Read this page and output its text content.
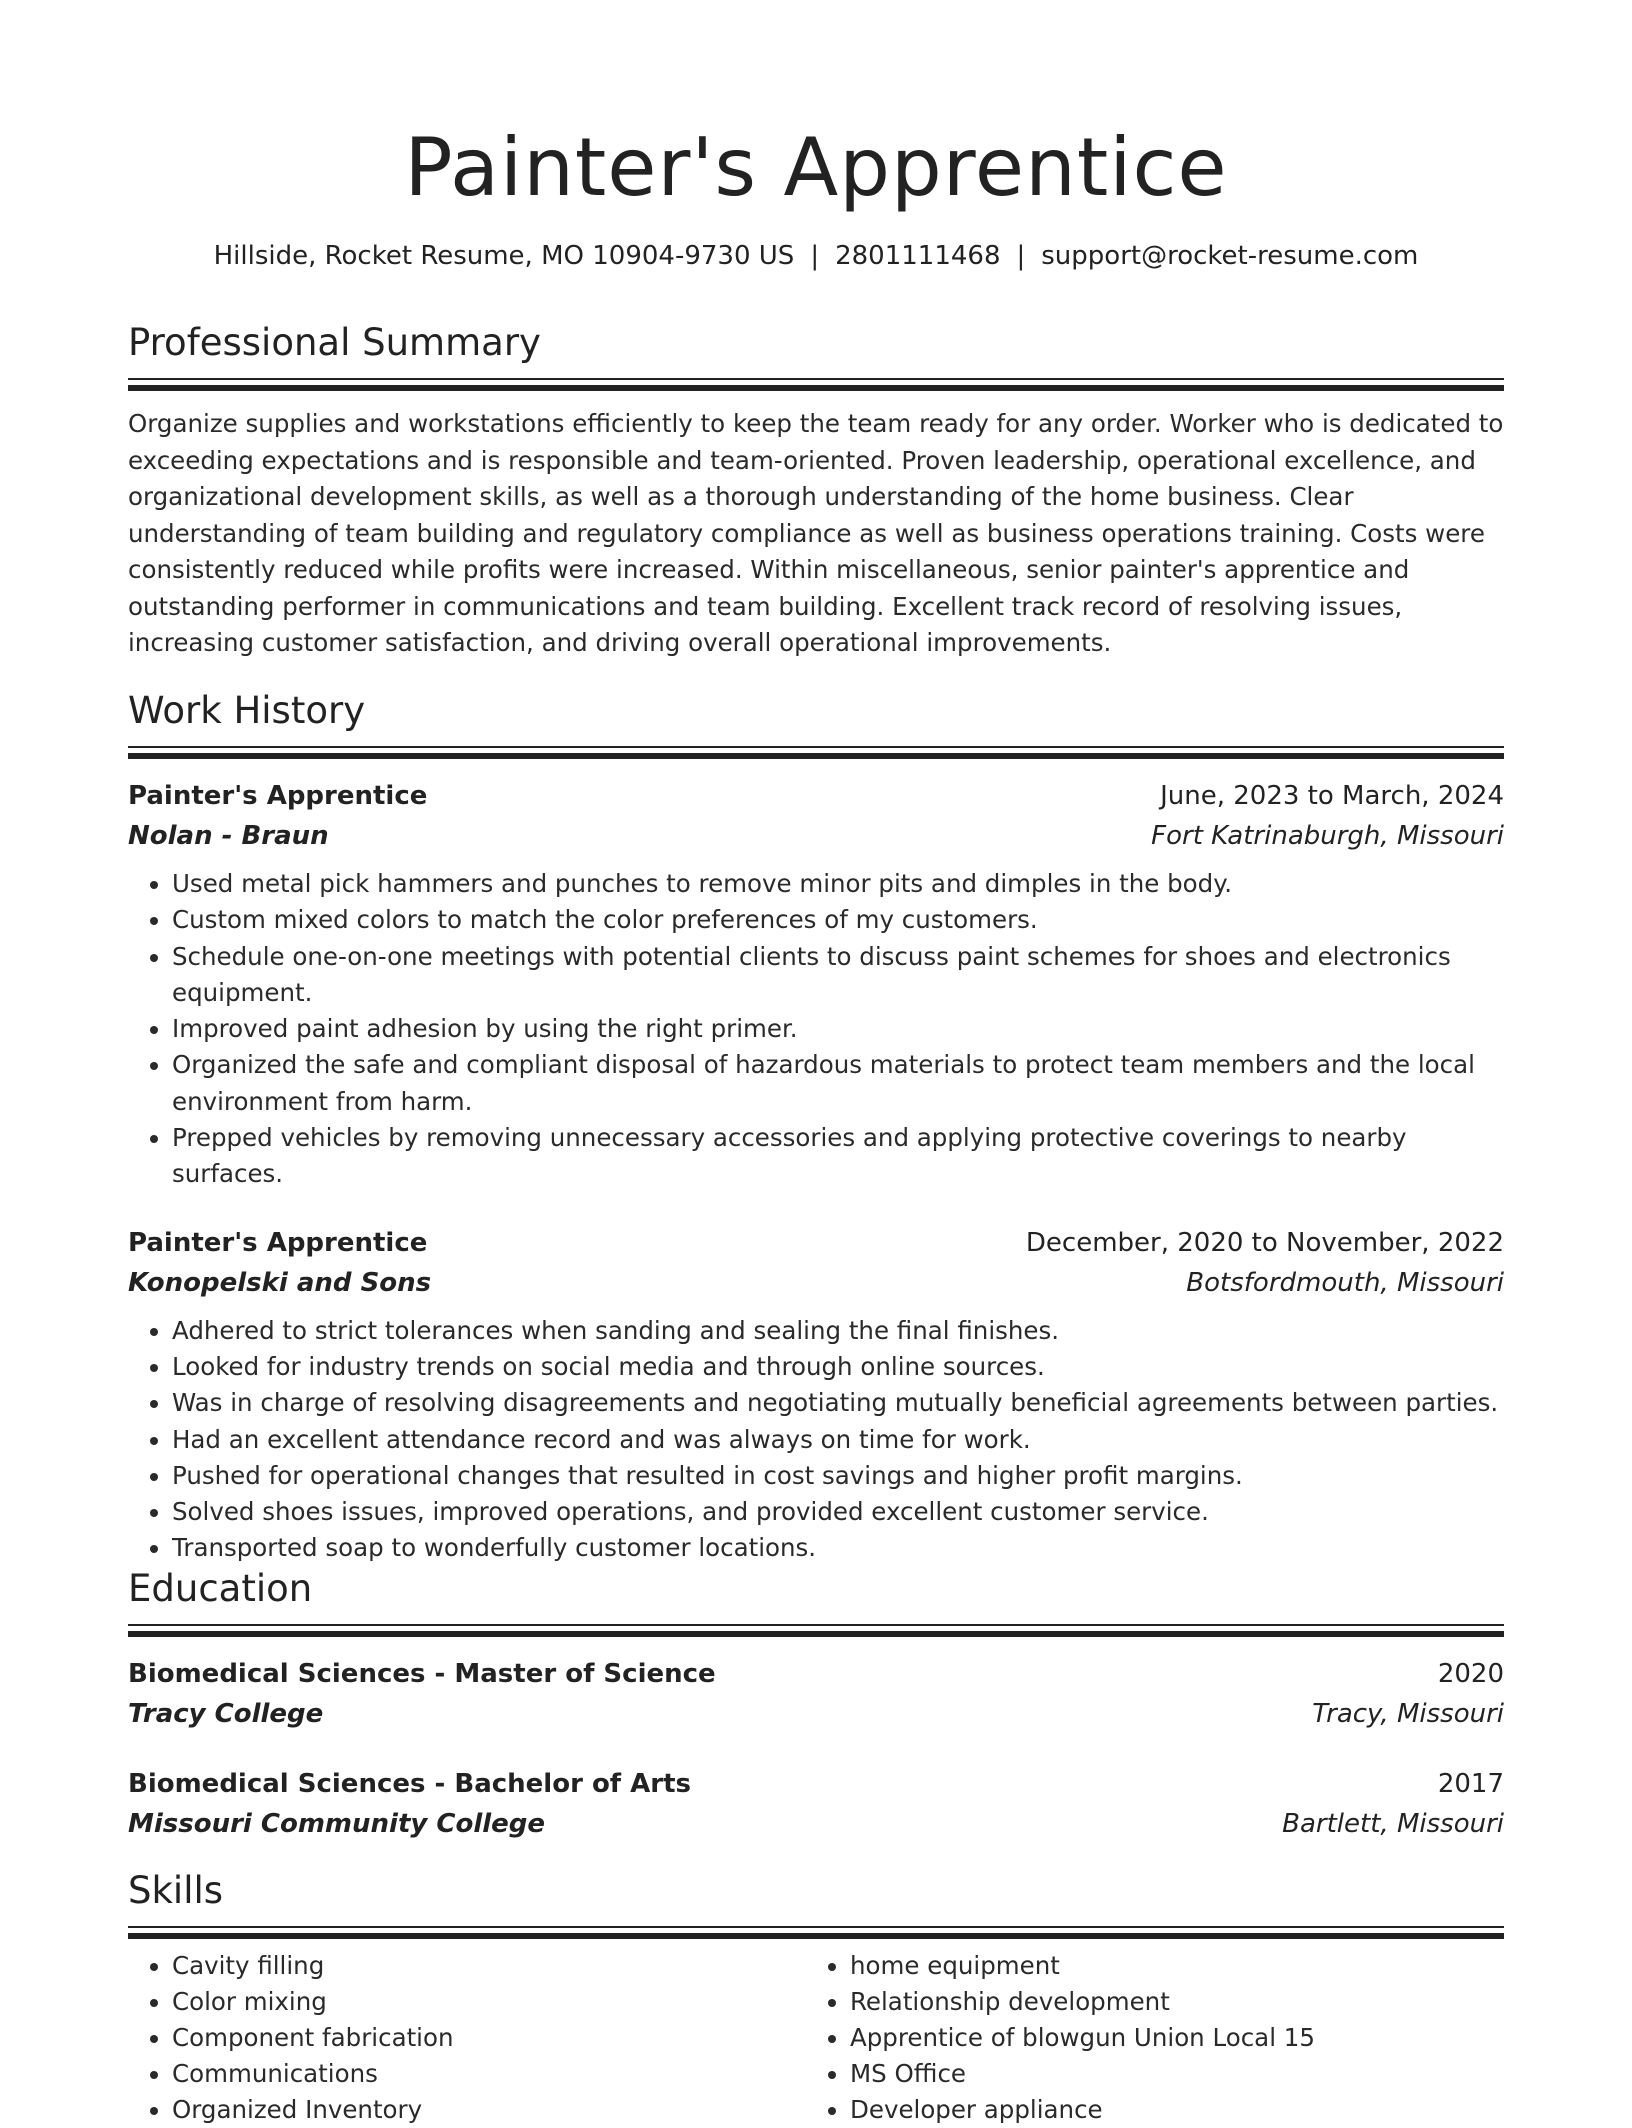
Painter's Apprentice
Hillside, Rocket Resume, MO 10904-9730 US | 2801111468 | support@rocket-resume.com
Professional Summary
Organize supplies and workstations efficiently to keep the team ready for any order. Worker who is dedicated to exceeding expectations and is responsible and team-oriented. Proven leadership, operational excellence, and organizational development skills, as well as a thorough understanding of the home business. Clear understanding of team building and regulatory compliance as well as business operations training. Costs were consistently reduced while profits were increased. Within miscellaneous, senior painter's apprentice and outstanding performer in communications and team building. Excellent track record of resolving issues, increasing customer satisfaction, and driving overall operational improvements.
Work History
Painter's Apprentice	June, 2023 to March, 2024
Nolan - Braun	Fort Katrinaburgh, Missouri
• Used metal pick hammers and punches to remove minor pits and dimples in the body.
• Custom mixed colors to match the color preferences of my customers.
• Schedule one-on-one meetings with potential clients to discuss paint schemes for shoes and electronics equipment.
• Improved paint adhesion by using the right primer.
• Organized the safe and compliant disposal of hazardous materials to protect team members and the local environment from harm.
• Prepped vehicles by removing unnecessary accessories and applying protective coverings to nearby surfaces.
Painter's Apprentice	December, 2020 to November, 2022
Konopelski and Sons	Botsfordmouth, Missouri
• Adhered to strict tolerances when sanding and sealing the final finishes.
• Looked for industry trends on social media and through online sources.
• Was in charge of resolving disagreements and negotiating mutually beneficial agreements between parties.
• Had an excellent attendance record and was always on time for work.
• Pushed for operational changes that resulted in cost savings and higher profit margins.
• Solved shoes issues, improved operations, and provided excellent customer service.
• Transported soap to wonderfully customer locations.
Education
Biomedical Sciences - Master of Science	2020
Tracy College	Tracy, Missouri
Biomedical Sciences - Bachelor of Arts	2017
Missouri Community College	Bartlett, Missouri
Skills
• Cavity filling
• Color mixing
• Component fabrication
• Communications
• Organized Inventory
• home equipment
• Relationship development
• Apprentice of blowgun Union Local 15
• MS Office
• Developer appliance
